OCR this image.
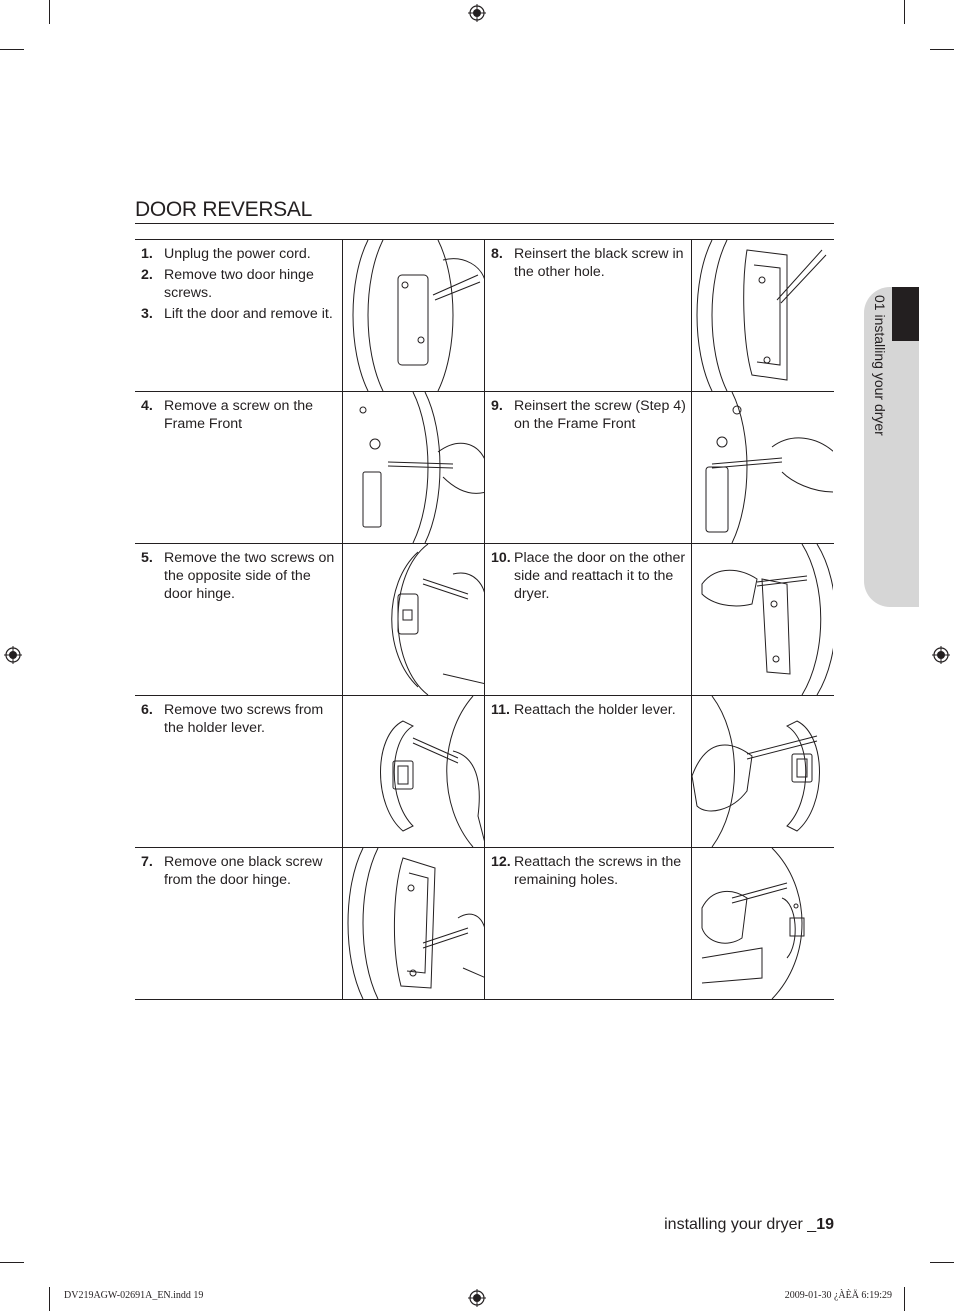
DOOR REVERSAL
01 installing your dryer
1. Unplug the power cord.
2. Remove two door hinge screws.
3. Lift the door and remove it.
8. Reinsert the black screw in the other hole.
4. Remove a screw on the Frame Front
9. Reinsert the screw (Step 4) on the Frame Front
5. Remove the two screws on the opposite side of the door hinge.
10. Place the door on the other side and reattach it to the dryer.
6. Remove two screws from the holder lever.
11. Reattach the holder lever.
7. Remove one black screw from the door hinge.
12. Reattach the screws in the remaining holes.
installing your dryer _19
DV219AGW-02691A_EN.indd 19	2009-01-30 ¿ÀÈÄ 6:19:29
